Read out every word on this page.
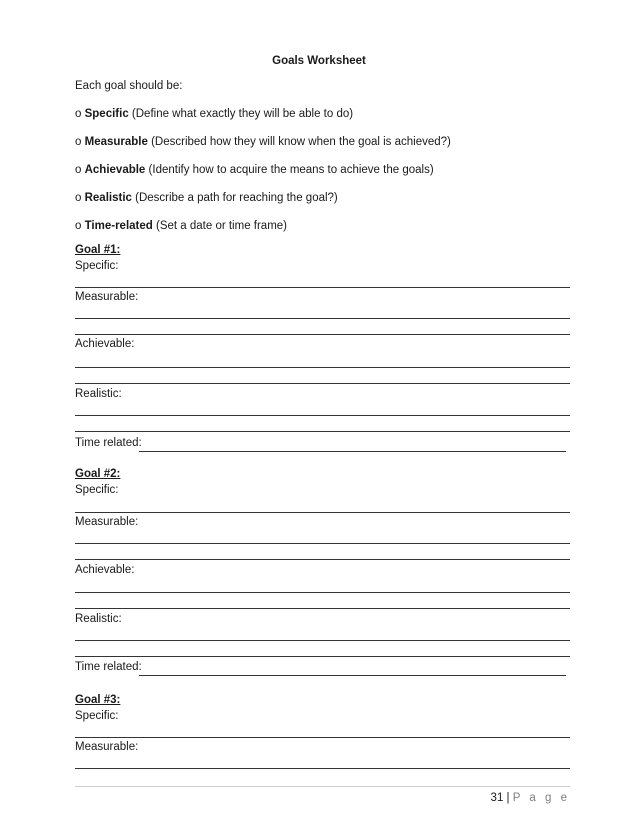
Goals Worksheet
Each goal should be:
o Specific (Define what exactly they will be able to do)
o Measurable (Described how they will know when the goal is achieved?)
o Achievable (Identify how to acquire the means to achieve the goals)
o Realistic (Describe a path for reaching the goal?)
o Time-related (Set a date or time frame)
Goal #1:
Specific:
Measurable:
Achievable:
Realistic:
Time related:
Goal #2:
Specific:
Measurable:
Achievable:
Realistic:
Time related:
Goal #3:
Specific:
Measurable:
31 | P a g e
